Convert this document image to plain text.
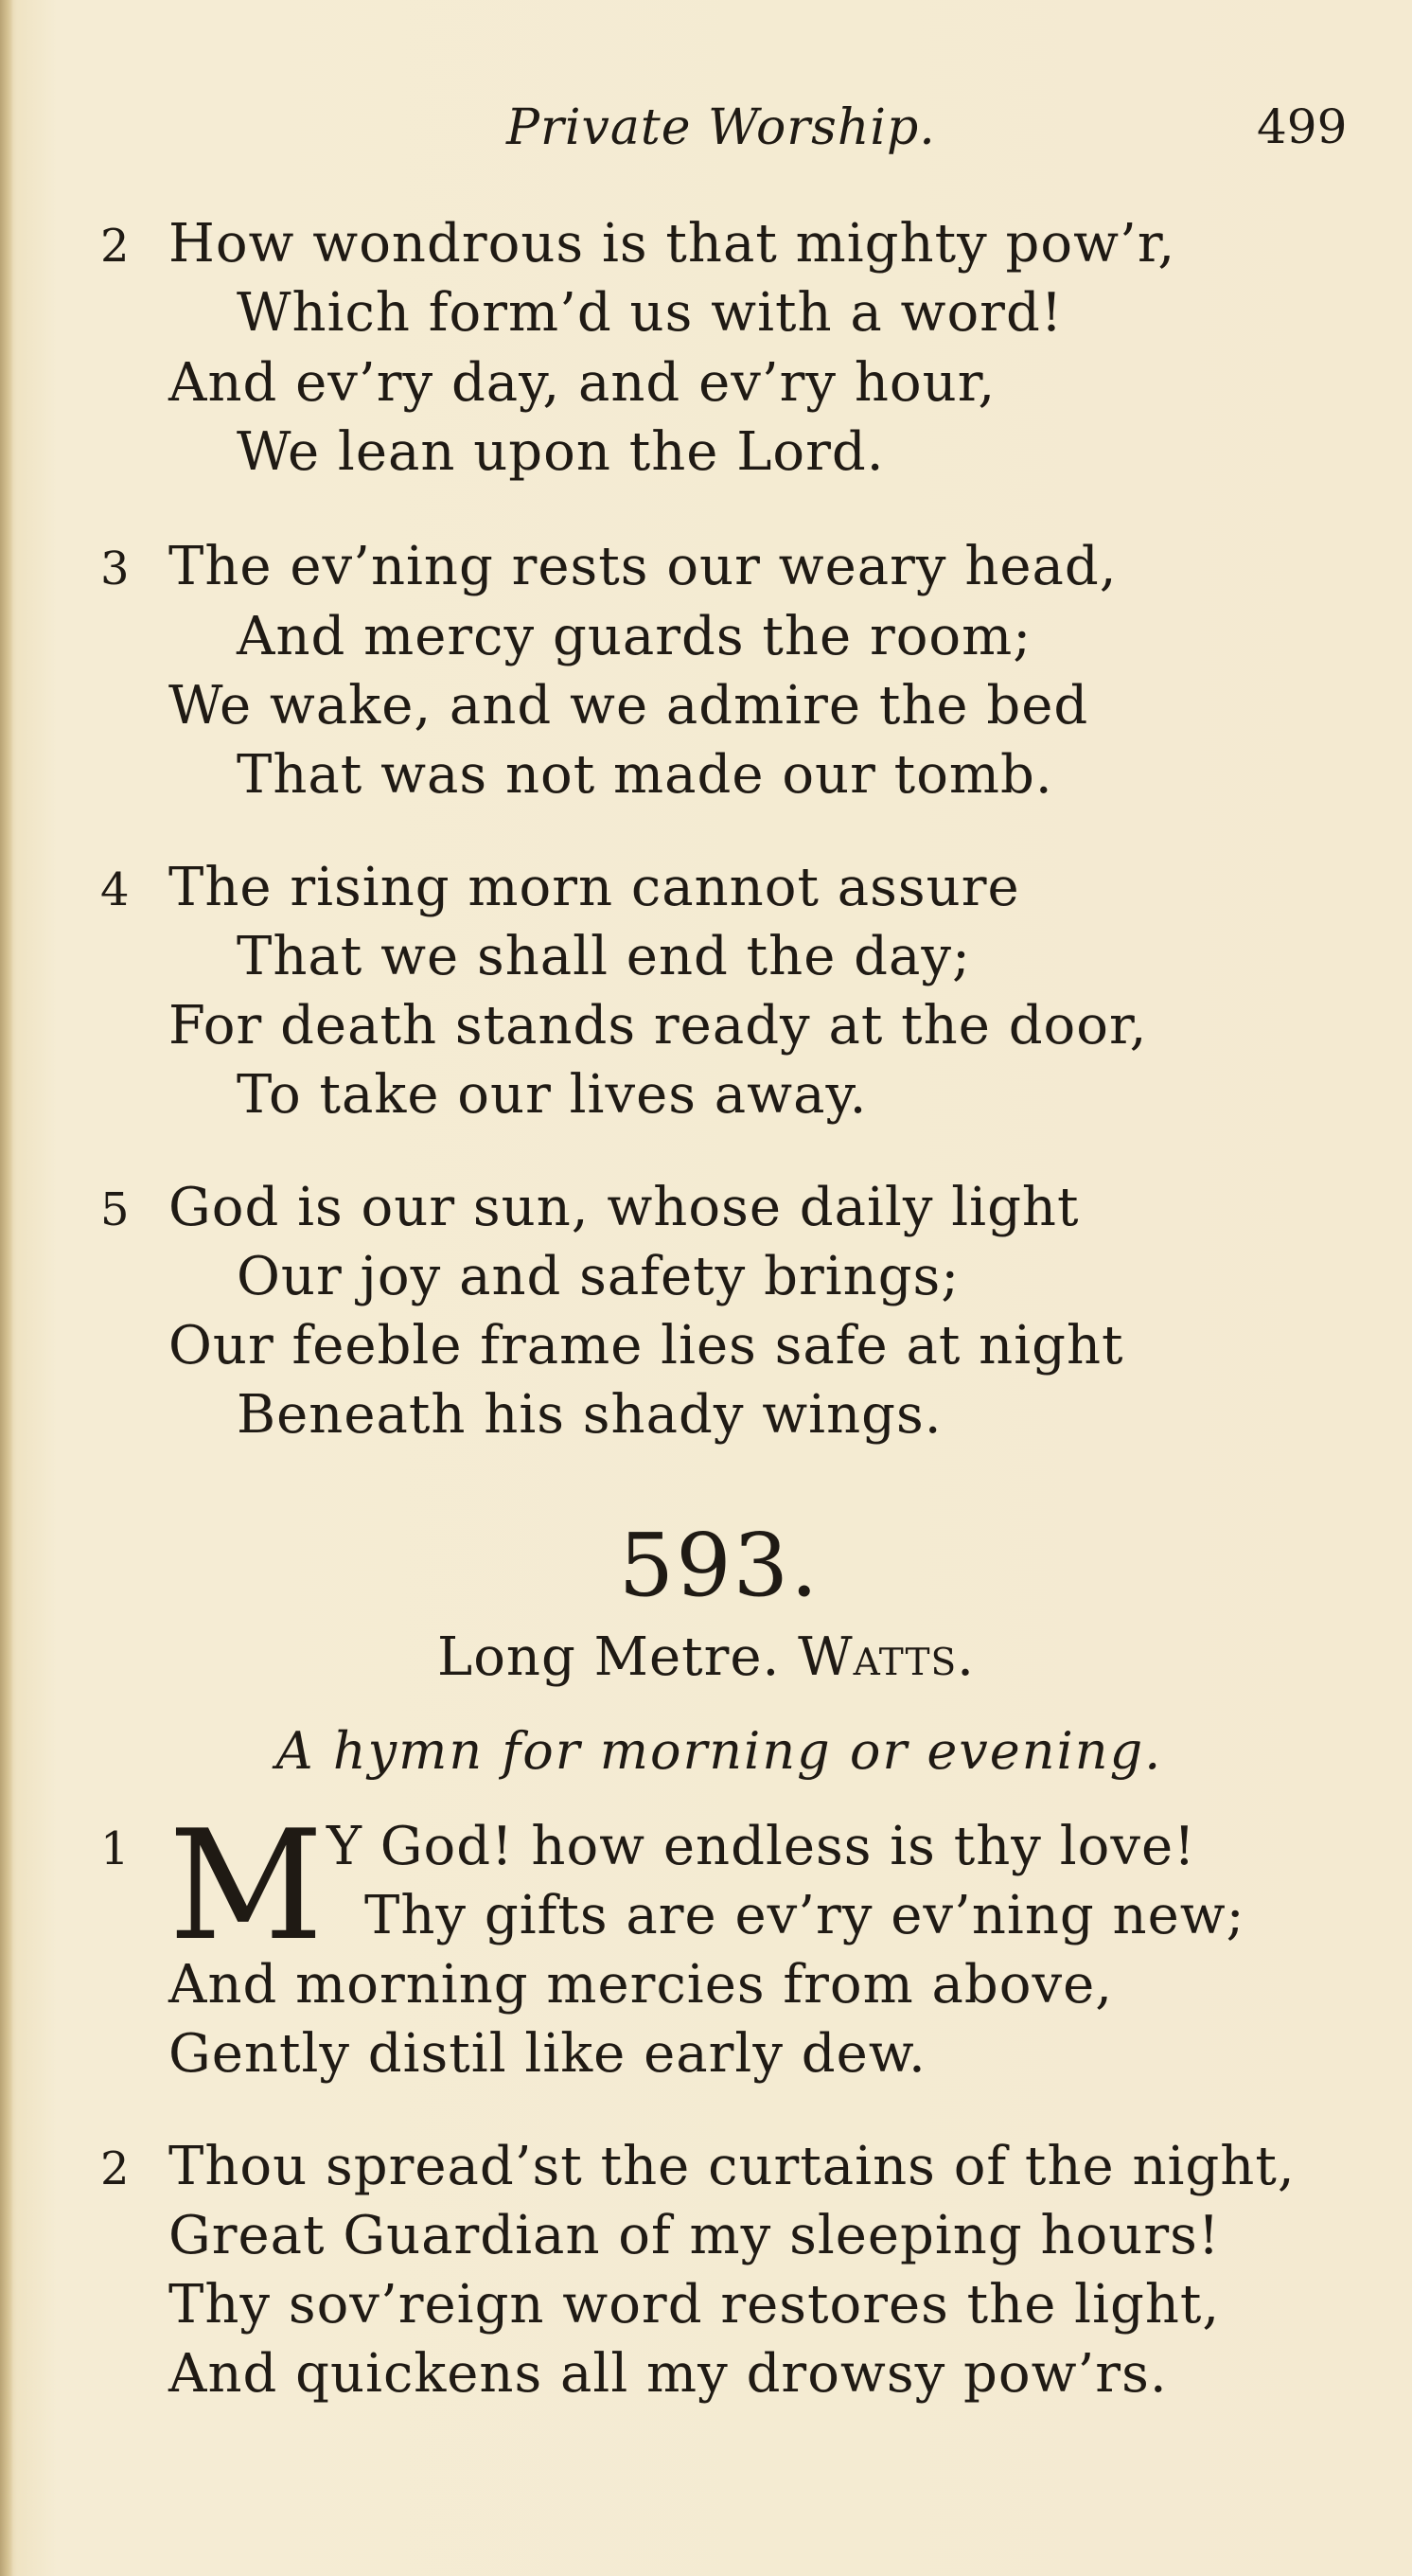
Private Worship.	499
2 How wondrous is that mighty pow’r,
Which form’d us with a word!
And ev’ry day, and ev’ry hour,
We lean upon the Lord.
3 The ev’ning rests our weary head,
And mercy guards the room;
We wake, and we admire the bed
That was not made our tomb.
4 The rising morn cannot assure
That we shall end the day;
For death stands ready at the door,
To take our lives away.
5 God is our sun, whose daily light
Our joy and safety brings;
Our feeble frame lies safe at night
Beneath his shady wings.
593.
Long Metre. Watts.
A hymn for morning or evening.
1 M Y God! how endless is thy love!
Thy gifts are ev’ry ev’ning new;
And morning mercies from above,
Gently distil like early dew.
2 Thou spread’st the curtains of the night,
Great Guardian of my sleeping hours!
Thy sov’reign word restores the light,
And quickens all my drowsy pow’rs.
